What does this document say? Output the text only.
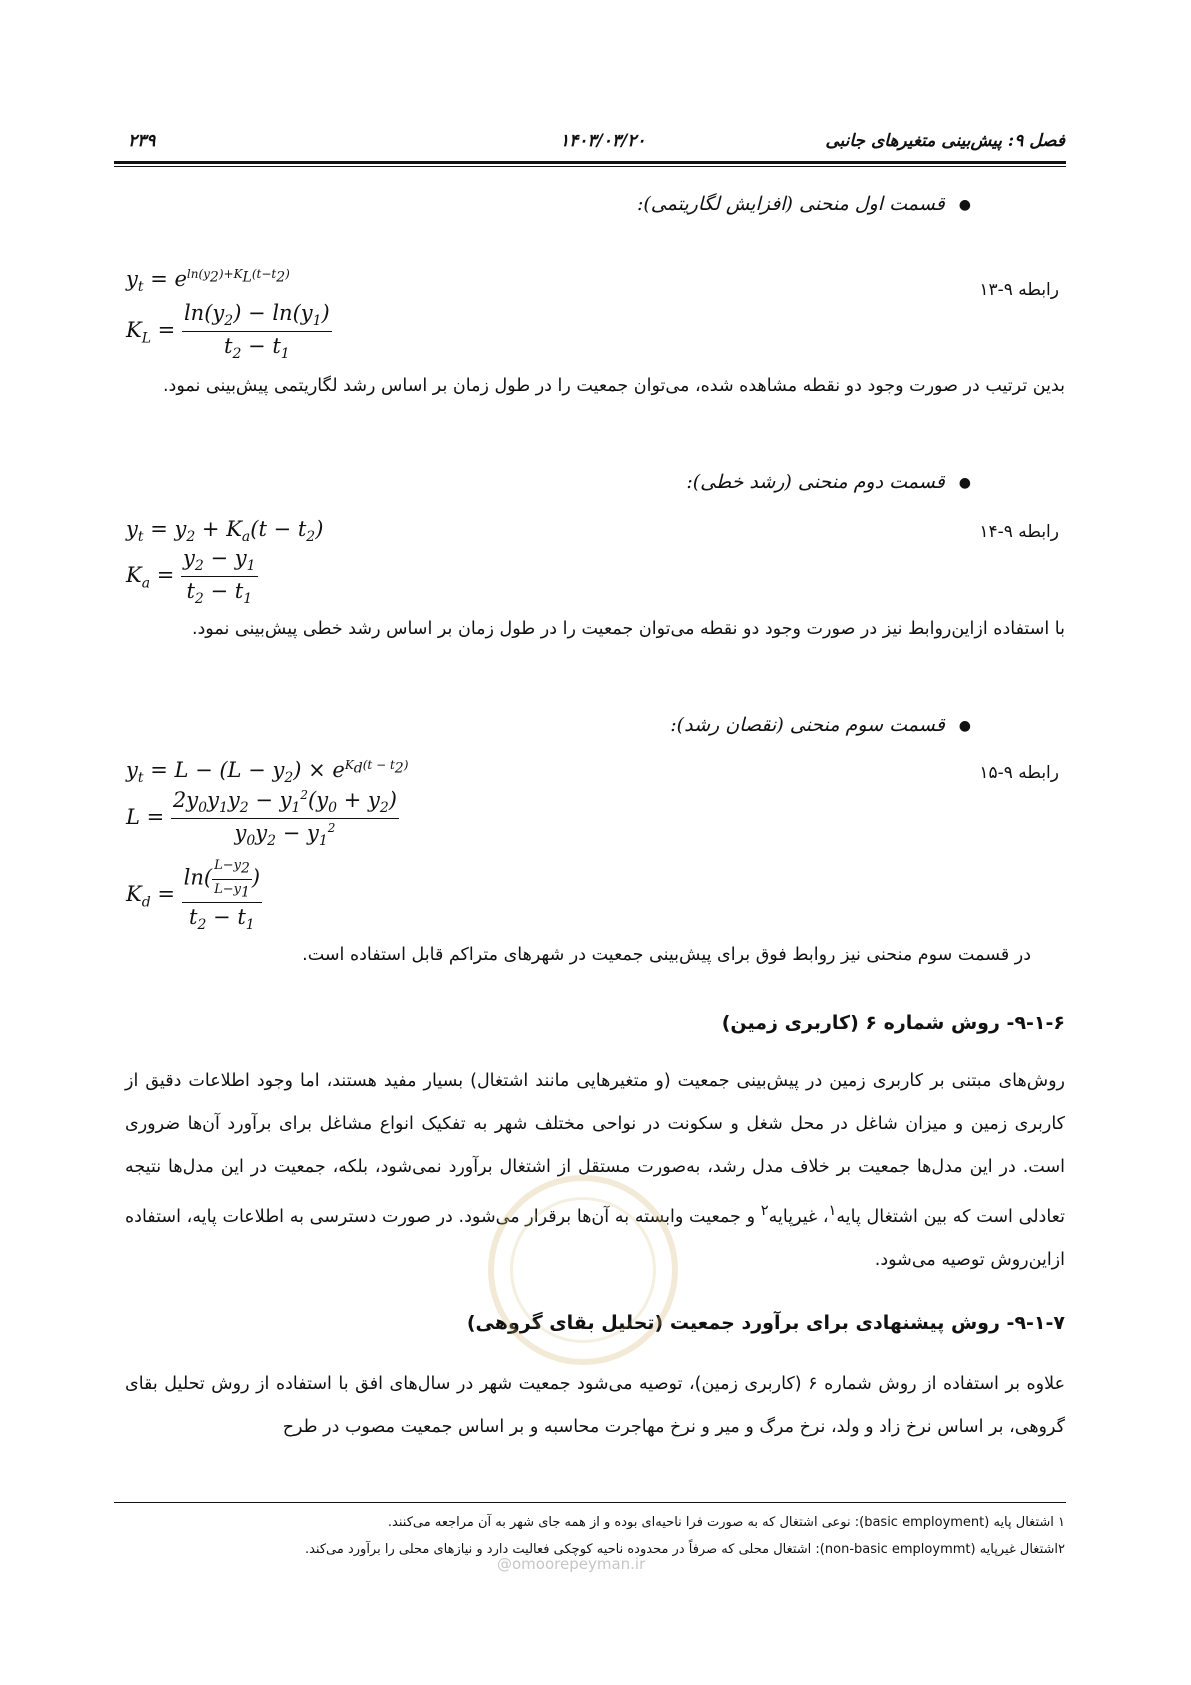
فصل ۹: پیش‌بینی متغیرهای جانبی
۱۴۰۳/۰۳/۲۰
۲۳۹
●قسمت اول منحنی (افزایش لگاریتمی):
رابطه ۹-۱۳
$y_t = e^{ln(y_2)+K_L(t-t_2)}$
$K_L = \frac{\ln(y_2) - \ln(y_1)}{t_2 - t_1}$
بدین ترتیب در صورت وجود دو نقطه مشاهده شده، می‌توان جمعیت را در طول زمان بر اساس رشد لگاریتمی پیش‌بینی نمود.
●قسمت دوم منحنی (رشد خطی):
رابطه ۹-۱۴
$y_t = y_2 + K_a(t - t_2)$
$K_a = \frac{y_2 - y_1}{t_2 - t_1}$
با استفاده ازاین‌روابط نیز در صورت وجود دو نقطه می‌توان جمعیت را در طول زمان بر اساس رشد خطی پیش‌بینی نمود.
●قسمت سوم منحنی (نقصان رشد):
رابطه ۹-۱۵
$y_t = L - (L - y_2) \times e^{K_d(t - t_2)}$
$L = \frac{2y_0y_1y_2 - y_1^2(y_0 + y_2)}{y_0y_2 - y_1^2}$
$K_d = \frac{\ln( \frac{L-y_2}{L-y_1} )}{t_2 - t_1}$
در قسمت سوم منحنی نیز روابط فوق برای پیش‌بینی جمعیت در شهرهای متراکم قابل استفاده است.
۹-۱-۶- روش شماره ۶ (کاربری زمین)
روش‌های مبتنی بر کاربری زمین در پیش‌بینی جمعیت (و متغیرهایی مانند اشتغال) بسیار مفید هستند، اما وجود اطلاعات دقیق از کاربری زمین و میزان شاغل در محل شغل و سکونت در نواحی مختلف شهر به تفکیک انواع مشاغل برای برآورد آن‌ها ضروری است. در این مدل‌ها جمعیت بر خلاف مدل رشد، به‌صورت مستقل از اشتغال برآورد نمی‌شود، بلکه، جمعیت در این مدل‌ها نتیجه تعادلی است که بین اشتغال پایه$^۱$، غیرپایه$^۲$ و جمعیت وابسته به آن‌ها برقرار می‌شود. در صورت دسترسی به اطلاعات پایه، استفاده ازاین‌روش توصیه می‌شود.
۹-۱-۷- روش پیشنهادی برای برآورد جمعیت (تحلیل بقای گروهی)
علاوه بر استفاده از روش شماره ۶ (کاربری زمین)، توصیه می‌شود جمعیت شهر در سال‌های افق با استفاده از روش تحلیل بقای گروهی، بر اساس نرخ زاد و ولد، نرخ مرگ و میر و نرخ مهاجرت محاسبه و بر اساس جمعیت مصوب در طرح
@omoorepeyman.ir
۱ اشتغال پایه (basic employment): نوعی اشتغال که به صورت فرا ناحیه‌ای بوده و از همه جای شهر به آن مراجعه می‌کنند.
۲اشتغال غیرپایه (non-basic employmmt): اشتغال محلی که صرفاً در محدوده ناحیه کوچکی فعالیت دارد و نیازهای محلی را برآورد می‌کند.
